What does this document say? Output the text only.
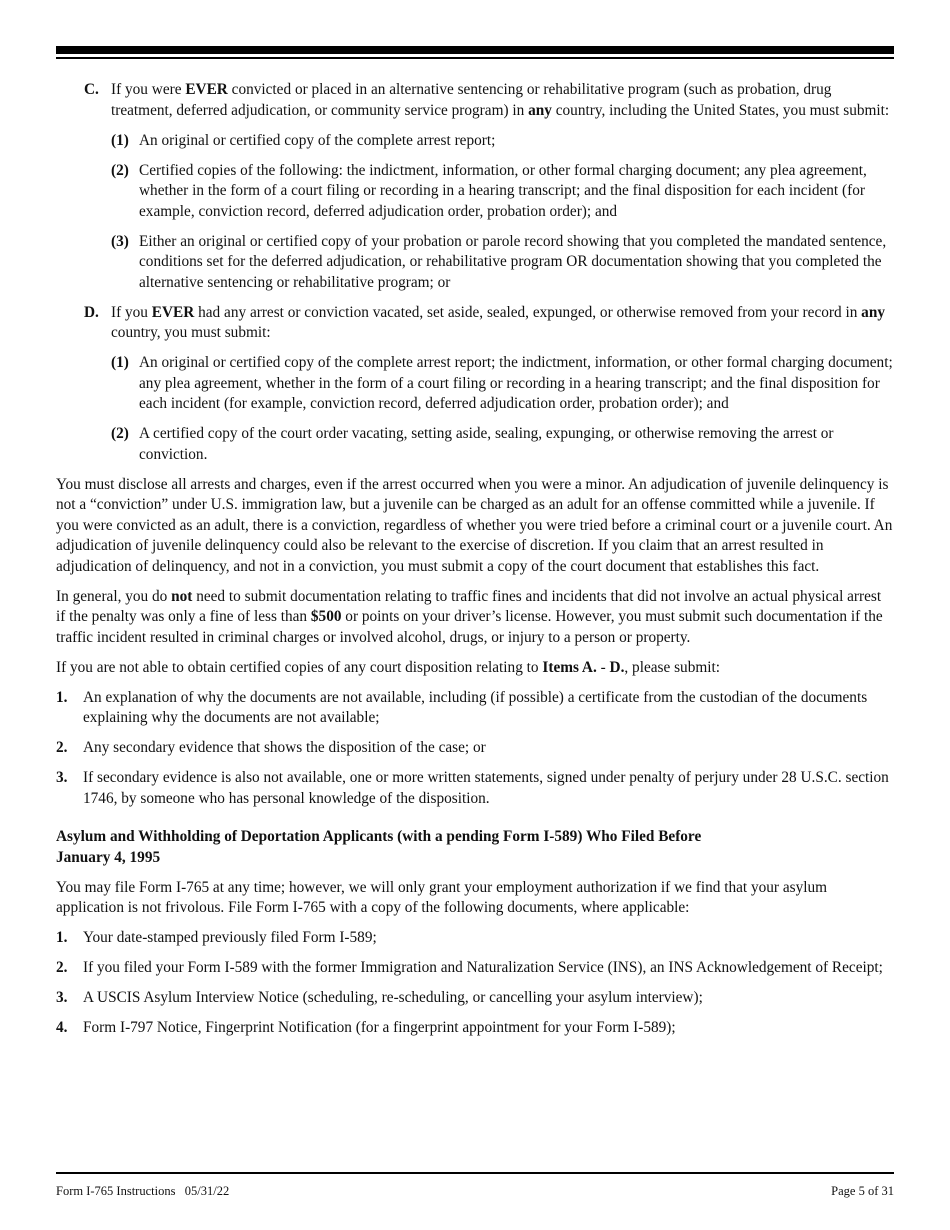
C. If you were EVER convicted or placed in an alternative sentencing or rehabilitative program (such as probation, drug treatment, deferred adjudication, or community service program) in any country, including the United States, you must submit:

(1) An original or certified copy of the complete arrest report;

(2) Certified copies of the following: the indictment, information, or other formal charging document; any plea agreement, whether in the form of a court filing or recording in a hearing transcript; and the final disposition for each incident (for example, conviction record, deferred adjudication order, probation order); and

(3) Either an original or certified copy of your probation or parole record showing that you completed the mandated sentence, conditions set for the deferred adjudication, or rehabilitative program OR documentation showing that you completed the alternative sentencing or rehabilitative program; or

D. If you EVER had any arrest or conviction vacated, set aside, sealed, expunged, or otherwise removed from your record in any country, you must submit:

(1) An original or certified copy of the complete arrest report; the indictment, information, or other formal charging document; any plea agreement, whether in the form of a court filing or recording in a hearing transcript; and the final disposition for each incident (for example, conviction record, deferred adjudication order, probation order); and

(2) A certified copy of the court order vacating, setting aside, sealing, expunging, or otherwise removing the arrest or conviction.

You must disclose all arrests and charges, even if the arrest occurred when you were a minor. An adjudication of juvenile delinquency is not a “conviction” under U.S. immigration law, but a juvenile can be charged as an adult for an offense committed while a juvenile. If you were convicted as an adult, there is a conviction, regardless of whether you were tried before a criminal court or a juvenile court. An adjudication of juvenile delinquency could also be relevant to the exercise of discretion. If you claim that an arrest resulted in adjudication of delinquency, and not in a conviction, you must submit a copy of the court document that establishes this fact.

In general, you do not need to submit documentation relating to traffic fines and incidents that did not involve an actual physical arrest if the penalty was only a fine of less than $500 or points on your driver’s license. However, you must submit such documentation if the traffic incident resulted in criminal charges or involved alcohol, drugs, or injury to a person or property.

If you are not able to obtain certified copies of any court disposition relating to Items A. - D., please submit:

1. An explanation of why the documents are not available, including (if possible) a certificate from the custodian of the documents explaining why the documents are not available;

2. Any secondary evidence that shows the disposition of the case; or

3. If secondary evidence is also not available, one or more written statements, signed under penalty of perjury under 28 U.S.C. section 1746, by someone who has personal knowledge of the disposition.

Asylum and Withholding of Deportation Applicants (with a pending Form I-589) Who Filed Before
January 4, 1995

You may file Form I-765 at any time; however, we will only grant your employment authorization if we find that your asylum application is not frivolous. File Form I-765 with a copy of the following documents, where applicable:

1. Your date-stamped previously filed Form I-589;

2. If you filed your Form I-589 with the former Immigration and Naturalization Service (INS), an INS Acknowledgement of Receipt;

3. A USCIS Asylum Interview Notice (scheduling, re-scheduling, or cancelling your asylum interview);

4. Form I-797 Notice, Fingerprint Notification (for a fingerprint appointment for your Form I-589);

Form I-765 Instructions   05/31/22	Page 5 of 31
